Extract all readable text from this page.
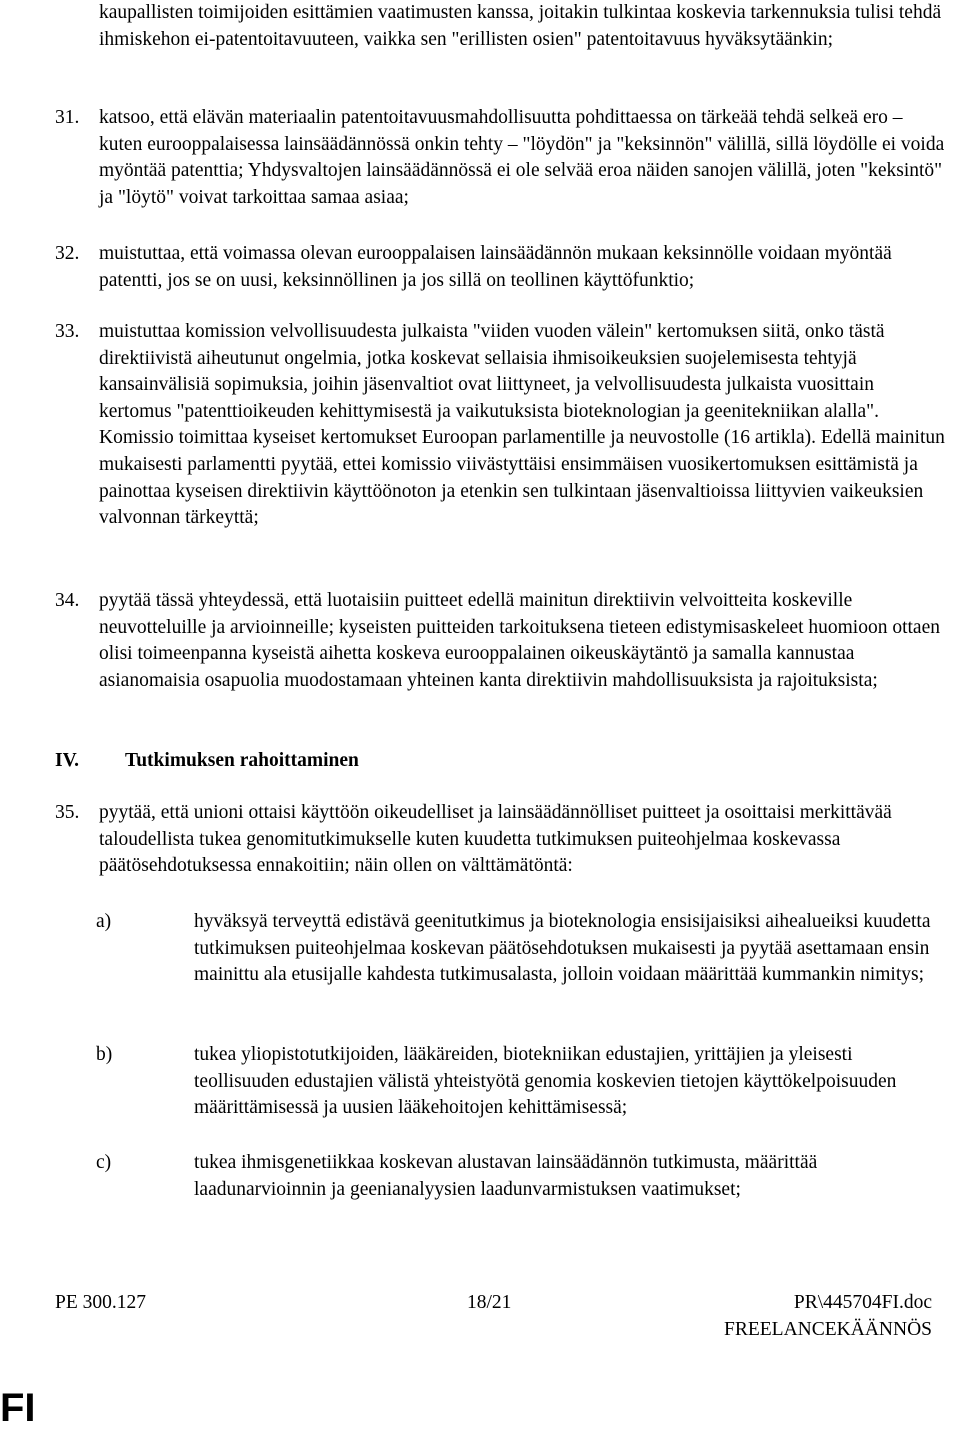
kaupallisten toimijoiden esittämien vaatimusten kanssa, joitakin tulkintaa koskevia tarkennuksia tulisi tehdä ihmiskehon ei-patentoitavuuteen, vaikka sen "erillisten osien" patentoitavuus hyväksytäänkin;
31.	katsoo, että elävän materiaalin patentoitavuusmahdollisuutta pohdittaessa on tärkeää tehdä selkeä ero – kuten eurooppalaisessa lainsäädännössä onkin tehty – "löydön" ja "keksinnön" välillä, sillä löydölle ei voida myöntää patenttia; Yhdysvaltojen lainsäädännössä ei ole selvää eroa näiden sanojen välillä, joten "keksintö" ja "löytö" voivat tarkoittaa samaa asiaa;
32.	muistuttaa, että voimassa olevan eurooppalaisen lainsäädännön mukaan keksinnölle voidaan myöntää patentti, jos se on uusi, keksinnöllinen ja jos sillä on teollinen käyttöfunktio;
33.	muistuttaa komission velvollisuudesta julkaista "viiden vuoden välein" kertomuksen siitä, onko tästä direktiivistä aiheutunut ongelmia, jotka koskevat sellaisia ihmisoikeuksien suojelemisesta tehtyjä kansainvälisiä sopimuksia, joihin jäsenvaltiot ovat liittyneet, ja velvollisuudesta julkaista vuosittain kertomus "patenttioikeuden kehittymisestä ja vaikutuksista bioteknologian ja geenitekniikan alalla". Komissio toimittaa kyseiset kertomukset Euroopan parlamentille ja neuvostolle (16 artikla). Edellä mainitun mukaisesti parlamentti pyytää, ettei komissio viivästyttäisi ensimmäisen vuosikertomuksen esittämistä ja painottaa kyseisen direktiivin käyttöönoton ja etenkin sen tulkintaan jäsenvaltioissa liittyvien vaikeuksien valvonnan tärkeyttä;
34.	pyytää tässä yhteydessä, että luotaisiin puitteet edellä mainitun direktiivin velvoitteita koskeville neuvotteluille ja arvioinneille; kyseisten puitteiden tarkoituksena tieteen edistymisaskeleet huomioon ottaen olisi toimeenpanna kyseistä aihetta koskeva eurooppalainen oikeuskäytäntö ja samalla kannustaa asianomaisia osapuolia muodostamaan yhteinen kanta direktiivin mahdollisuuksista ja rajoituksista;
IV.	Tutkimuksen rahoittaminen
35.	pyytää, että unioni ottaisi käyttöön oikeudelliset ja lainsäädännölliset puitteet ja osoittaisi merkittävää taloudellista tukea genomitutkimukselle kuten kuudetta tutkimuksen puiteohjelmaa koskevassa päätösehdotuksessa ennakoitiin; näin ollen on välttämätöntä:
a)	hyväksyä terveyttä edistävä geenitutkimus ja bioteknologia ensisijaisiksi aihealueiksi kuudetta tutkimuksen puiteohjelmaa koskevan päätösehdotuksen mukaisesti ja pyytää asettamaan ensin mainittu ala etusijalle kahdesta tutkimusalasta, jolloin voidaan määrittää kummankin nimitys;
b)	tukea yliopistotutkijoiden, lääkäreiden, biotekniikan edustajien, yrittäjien ja yleisesti teollisuuden edustajien välistä yhteistyötä genomia koskevien tietojen käyttökelpoisuuden määrittämisessä ja uusien lääkehoitojen kehittämisessä;
c)	tukea ihmisgenetiikkaa koskevan alustavan lainsäädännön tutkimusta, määrittää laadunarvioinnin ja geenianalyysien laadunvarmistuksen vaatimukset;
PE 300.127	18/21	PR\445704FI.doc
FREELANCEKÄÄNNÖS
FI
